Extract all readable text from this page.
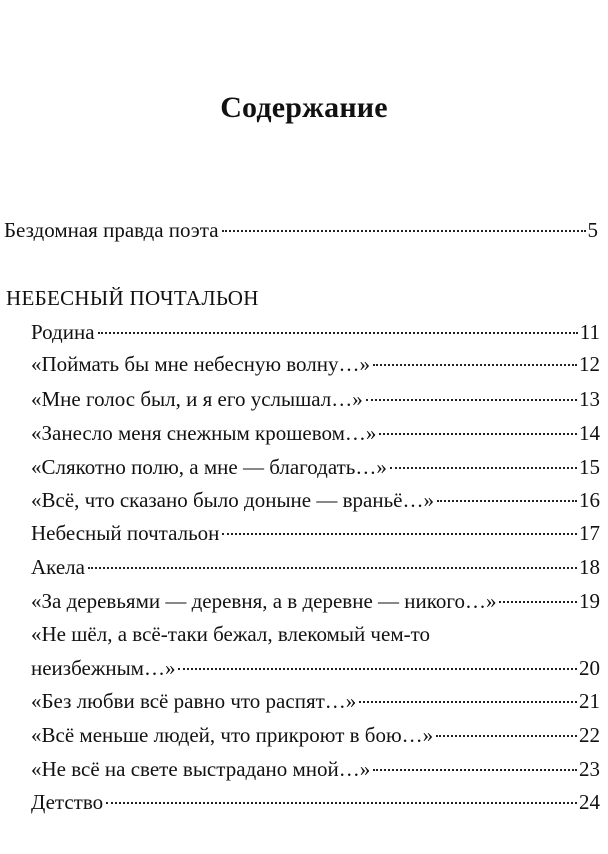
Содержание
Бездомная правда поэта	5
НЕБЕСНЫЙ ПОЧТАЛЬОН
Родина	11
«Поймать бы мне небесную волну…»	12
«Мне голос был, и я его услышал…»	13
«Занесло меня снежным крошевом…»	14
«Слякотно полю, а мне — благодать…»	15
«Всё, что сказано было доныне — враньё…»	16
Небесный почтальон	17
Акела	18
«За деревьями — деревня, а в деревне — никого…»	19
«Не шёл, а всё-таки бежал, влекомый чем-то
неизбежным…»	20
«Без любви всё равно что распят…»	21
«Всё меньше людей, что прикроют в бою…»	22
«Не всё на свете выстрадано мной…»	23
Детство	24
